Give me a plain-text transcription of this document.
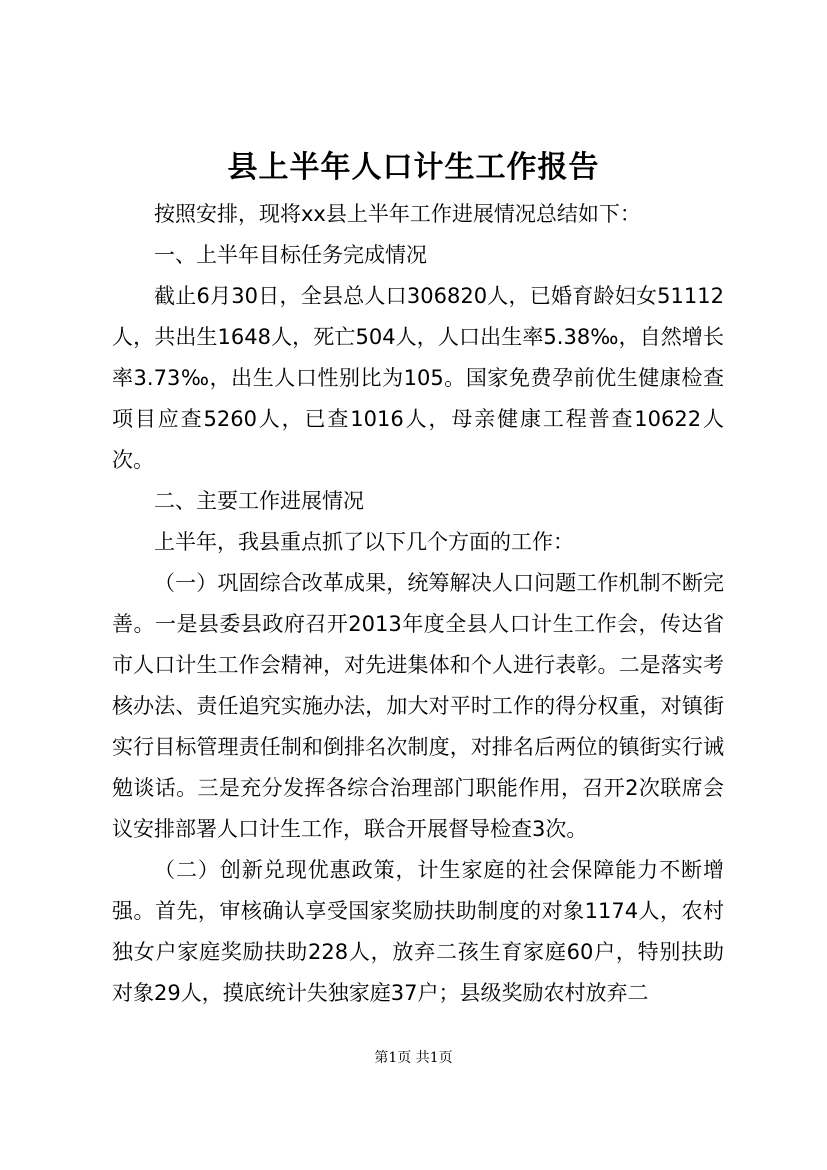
县上半年人口计生工作报告

按照安排，现将xx县上半年工作进展情况总结如下：

一、上半年目标任务完成情况

截止6月30日，全县总人口306820人，已婚育龄妇女51112人，共出生1648人，死亡504人，人口出生率5.38‰，自然增长率3.73‰，出生人口性别比为105。国家免费孕前优生健康检查项目应查5260人，已查1016人，母亲健康工程普查10622人次。

二、主要工作进展情况

上半年，我县重点抓了以下几个方面的工作：

（一）巩固综合改革成果，统筹解决人口问题工作机制不断完善。一是县委县政府召开2013年度全县人口计生工作会，传达省市人口计生工作会精神，对先进集体和个人进行表彰。二是落实考核办法、责任追究实施办法，加大对平时工作的得分权重，对镇街实行目标管理责任制和倒排名次制度，对排名后两位的镇街实行诫勉谈话。三是充分发挥各综合治理部门职能作用，召开2次联席会议安排部署人口计生工作，联合开展督导检查3次。

（二）创新兑现优惠政策，计生家庭的社会保障能力不断增强。首先，审核确认享受国家奖励扶助制度的对象1174人，农村独女户家庭奖励扶助228人，放弃二孩生育家庭60户，特别扶助对象29人，摸底统计失独家庭37户；县级奖励农村放弃二

第1页 共1页
